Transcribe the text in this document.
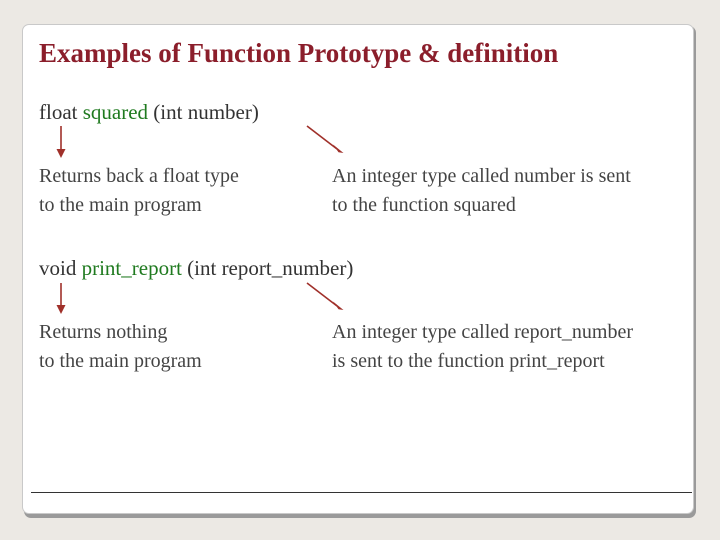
Examples of Function Prototype & definition
float squared (int number)
Returns back a float type
to the main program
An integer type called number is sent
to the function squared
void print_report (int report_number)
Returns nothing
to the main program
An integer type called report_number
is sent to the function print_report
